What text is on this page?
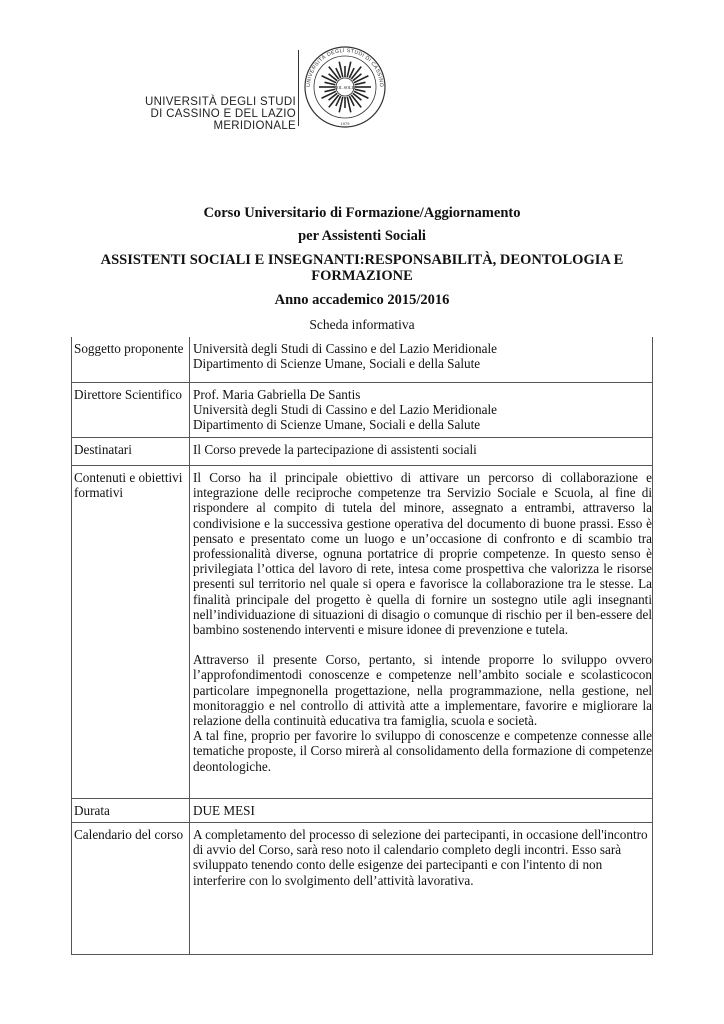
UNIVERSITÀ DEGLI STUDI
DI CASSINO E DEL LAZIO MERIDIONALE
UNIVERSITÀ DEGLI STUDI DI CASSINO
SOL SOLIS
1979
Corso Universitario di Formazione/Aggiornamento
per Assistenti Sociali
ASSISTENTI SOCIALI E INSEGNANTI:RESPONSABILITÀ, DEONTOLOGIA E FORMAZIONE
Anno accademico 2015/2016
Scheda informativa
Soggetto proponente Università degli Studi di Cassino e del Lazio Meridionale
Dipartimento di Scienze Umane, Sociali e della Salute
Direttore Scientifico Prof. Maria Gabriella De Santis
Università degli Studi di Cassino e del Lazio Meridionale
Dipartimento di Scienze Umane, Sociali e della Salute
Destinatari	Il Corso prevede la partecipazione di assistenti sociali
Contenuti e obiettivi formativi
Il Corso ha il principale obiettivo di attivare un percorso di collaborazione e integrazione delle reciproche competenze tra Servizio Sociale e Scuola, al fine di rispondere al compito di tutela del minore, assegnato a entrambi, attraverso la condivisione e la successiva gestione operativa del documento di buone prassi. Esso è pensato e presentato come un luogo e un’occasione di confronto e di scambio tra professionalità diverse, ognuna portatrice di proprie competenze. In questo senso è privilegiata l’ottica del lavoro di rete, intesa come prospettiva che valorizza le risorse presenti sul territorio nel quale si opera e favorisce la collaborazione tra le stesse. La finalità principale del progetto è quella di fornire un sostegno utile agli insegnanti nell’individuazione di situazioni di disagio o comunque di rischio per il ben-essere del bambino sostenendo interventi e misure idonee di prevenzione e tutela.
Attraverso il presente Corso, pertanto, si intende proporre lo sviluppo ovvero l’approfondimentodi conoscenze e competenze nell’ambito sociale e scolasticocon particolare impegnonella progettazione, nella programmazione, nella gestione, nel monitoraggio e nel controllo di attività atte a implementare, favorire e migliorare la relazione della continuità educativa tra famiglia, scuola e società.
A tal fine, proprio per favorire lo sviluppo di conoscenze e competenze connesse alle tematiche proposte, il Corso mirerà al consolidamento della formazione di competenze deontologiche.
Durata	DUE MESI
Calendario del corso A completamento del processo di selezione dei partecipanti, in occasione dell'incontro di avvio del Corso, sarà reso noto il calendario completo degli incontri. Esso sarà sviluppato tenendo conto delle esigenze dei partecipanti e con l'intento di non interferire con lo svolgimento dell’attività lavorativa.
